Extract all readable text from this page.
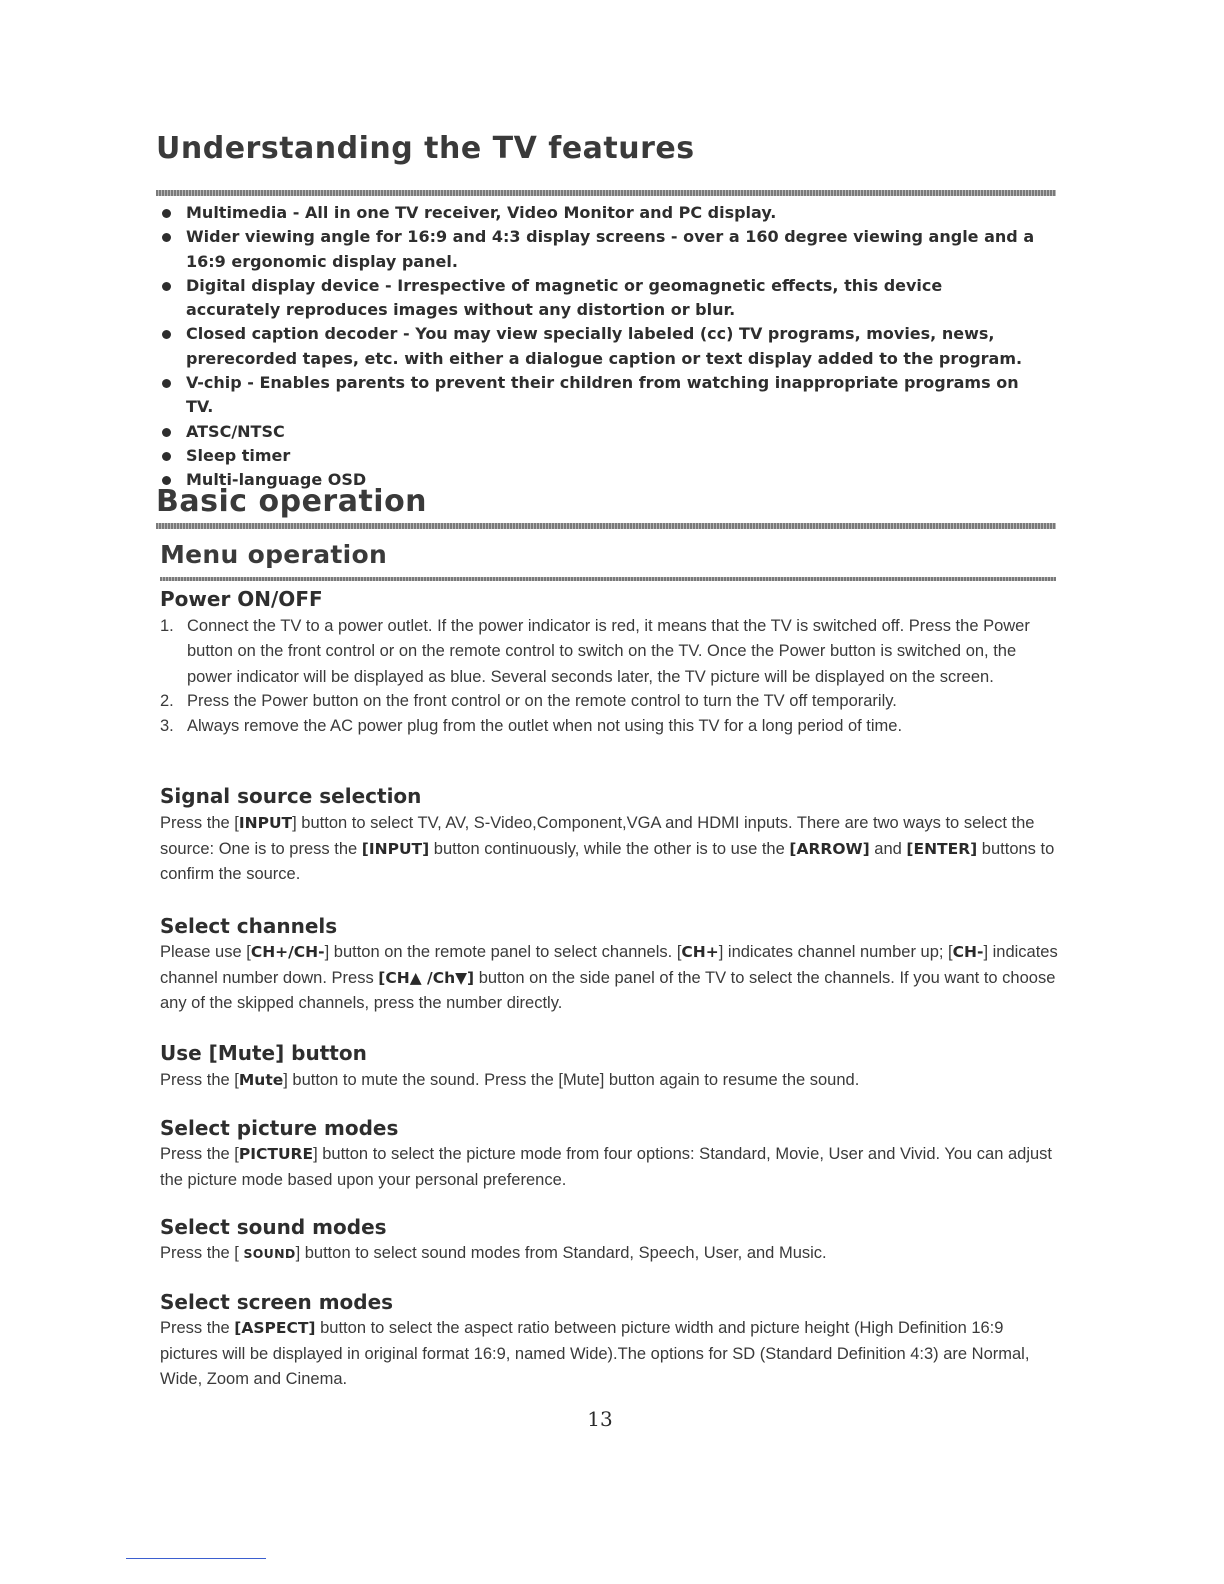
Understanding the TV features
Multimedia - All in one TV receiver, Video Monitor and PC display.
Wider viewing angle for 16:9 and 4:3 display screens - over a 160 degree viewing angle and a 16:9 ergonomic display panel.
Digital display device - Irrespective of magnetic or geomagnetic effects, this device accurately reproduces images without any distortion or blur.
Closed caption decoder - You may view specially labeled (cc) TV programs, movies, news, prerecorded tapes, etc. with either a dialogue caption or text display added to the program.
V-chip - Enables parents to prevent their children from watching inappropriate programs on TV.
ATSC/NTSC
Sleep timer
Multi-language OSD
Basic operation
Menu operation
Power ON/OFF
1. Connect the TV to a power outlet. If the power indicator is red, it means that the TV is switched off. Press the Power button on the front control or on the remote control to switch on the TV. Once the Power button is switched on, the power indicator will be displayed as blue. Several seconds later, the TV picture will be displayed on the screen.
2. Press the Power button on the front control or on the remote control to turn the TV off temporarily.
3. Always remove the AC power plug from the outlet when not using this TV for a long period of time.
Signal source selection

Press the [INPUT] button to select TV, AV, S-Video,Component,VGA and HDMI inputs. There are two ways to select the source: One is to press the [INPUT] button continuously, while the other is to use the [ARROW] and [ENTER] buttons to confirm the source.

Select channels

Please use [CH+/CH-] button on the remote panel to select channels. [CH+] indicates channel number up; [CH-] indicates channel number down. Press [CH▲ /Ch▼] button on the side panel of the TV to select the channels. If you want to choose any of the skipped channels, press the number directly.

Use [Mute] button

Press the [Mute] button to mute the sound. Press the [Mute] button again to resume the sound.

Select picture modes

Press the [PICTURE] button to select the picture mode from four options: Standard, Movie, User and Vivid. You can adjust the picture mode based upon your personal preference.

Select sound modes

Press the [ SOUND] button to select sound modes from Standard, Speech, User, and Music.

Select screen modes

Press the [ASPECT] button to select the aspect ratio between picture width and picture height (High Definition 16:9 pictures will be displayed in original format 16:9, named Wide).The options for SD (Standard Definition 4:3) are Normal, Wide, Zoom and Cinema.

13
